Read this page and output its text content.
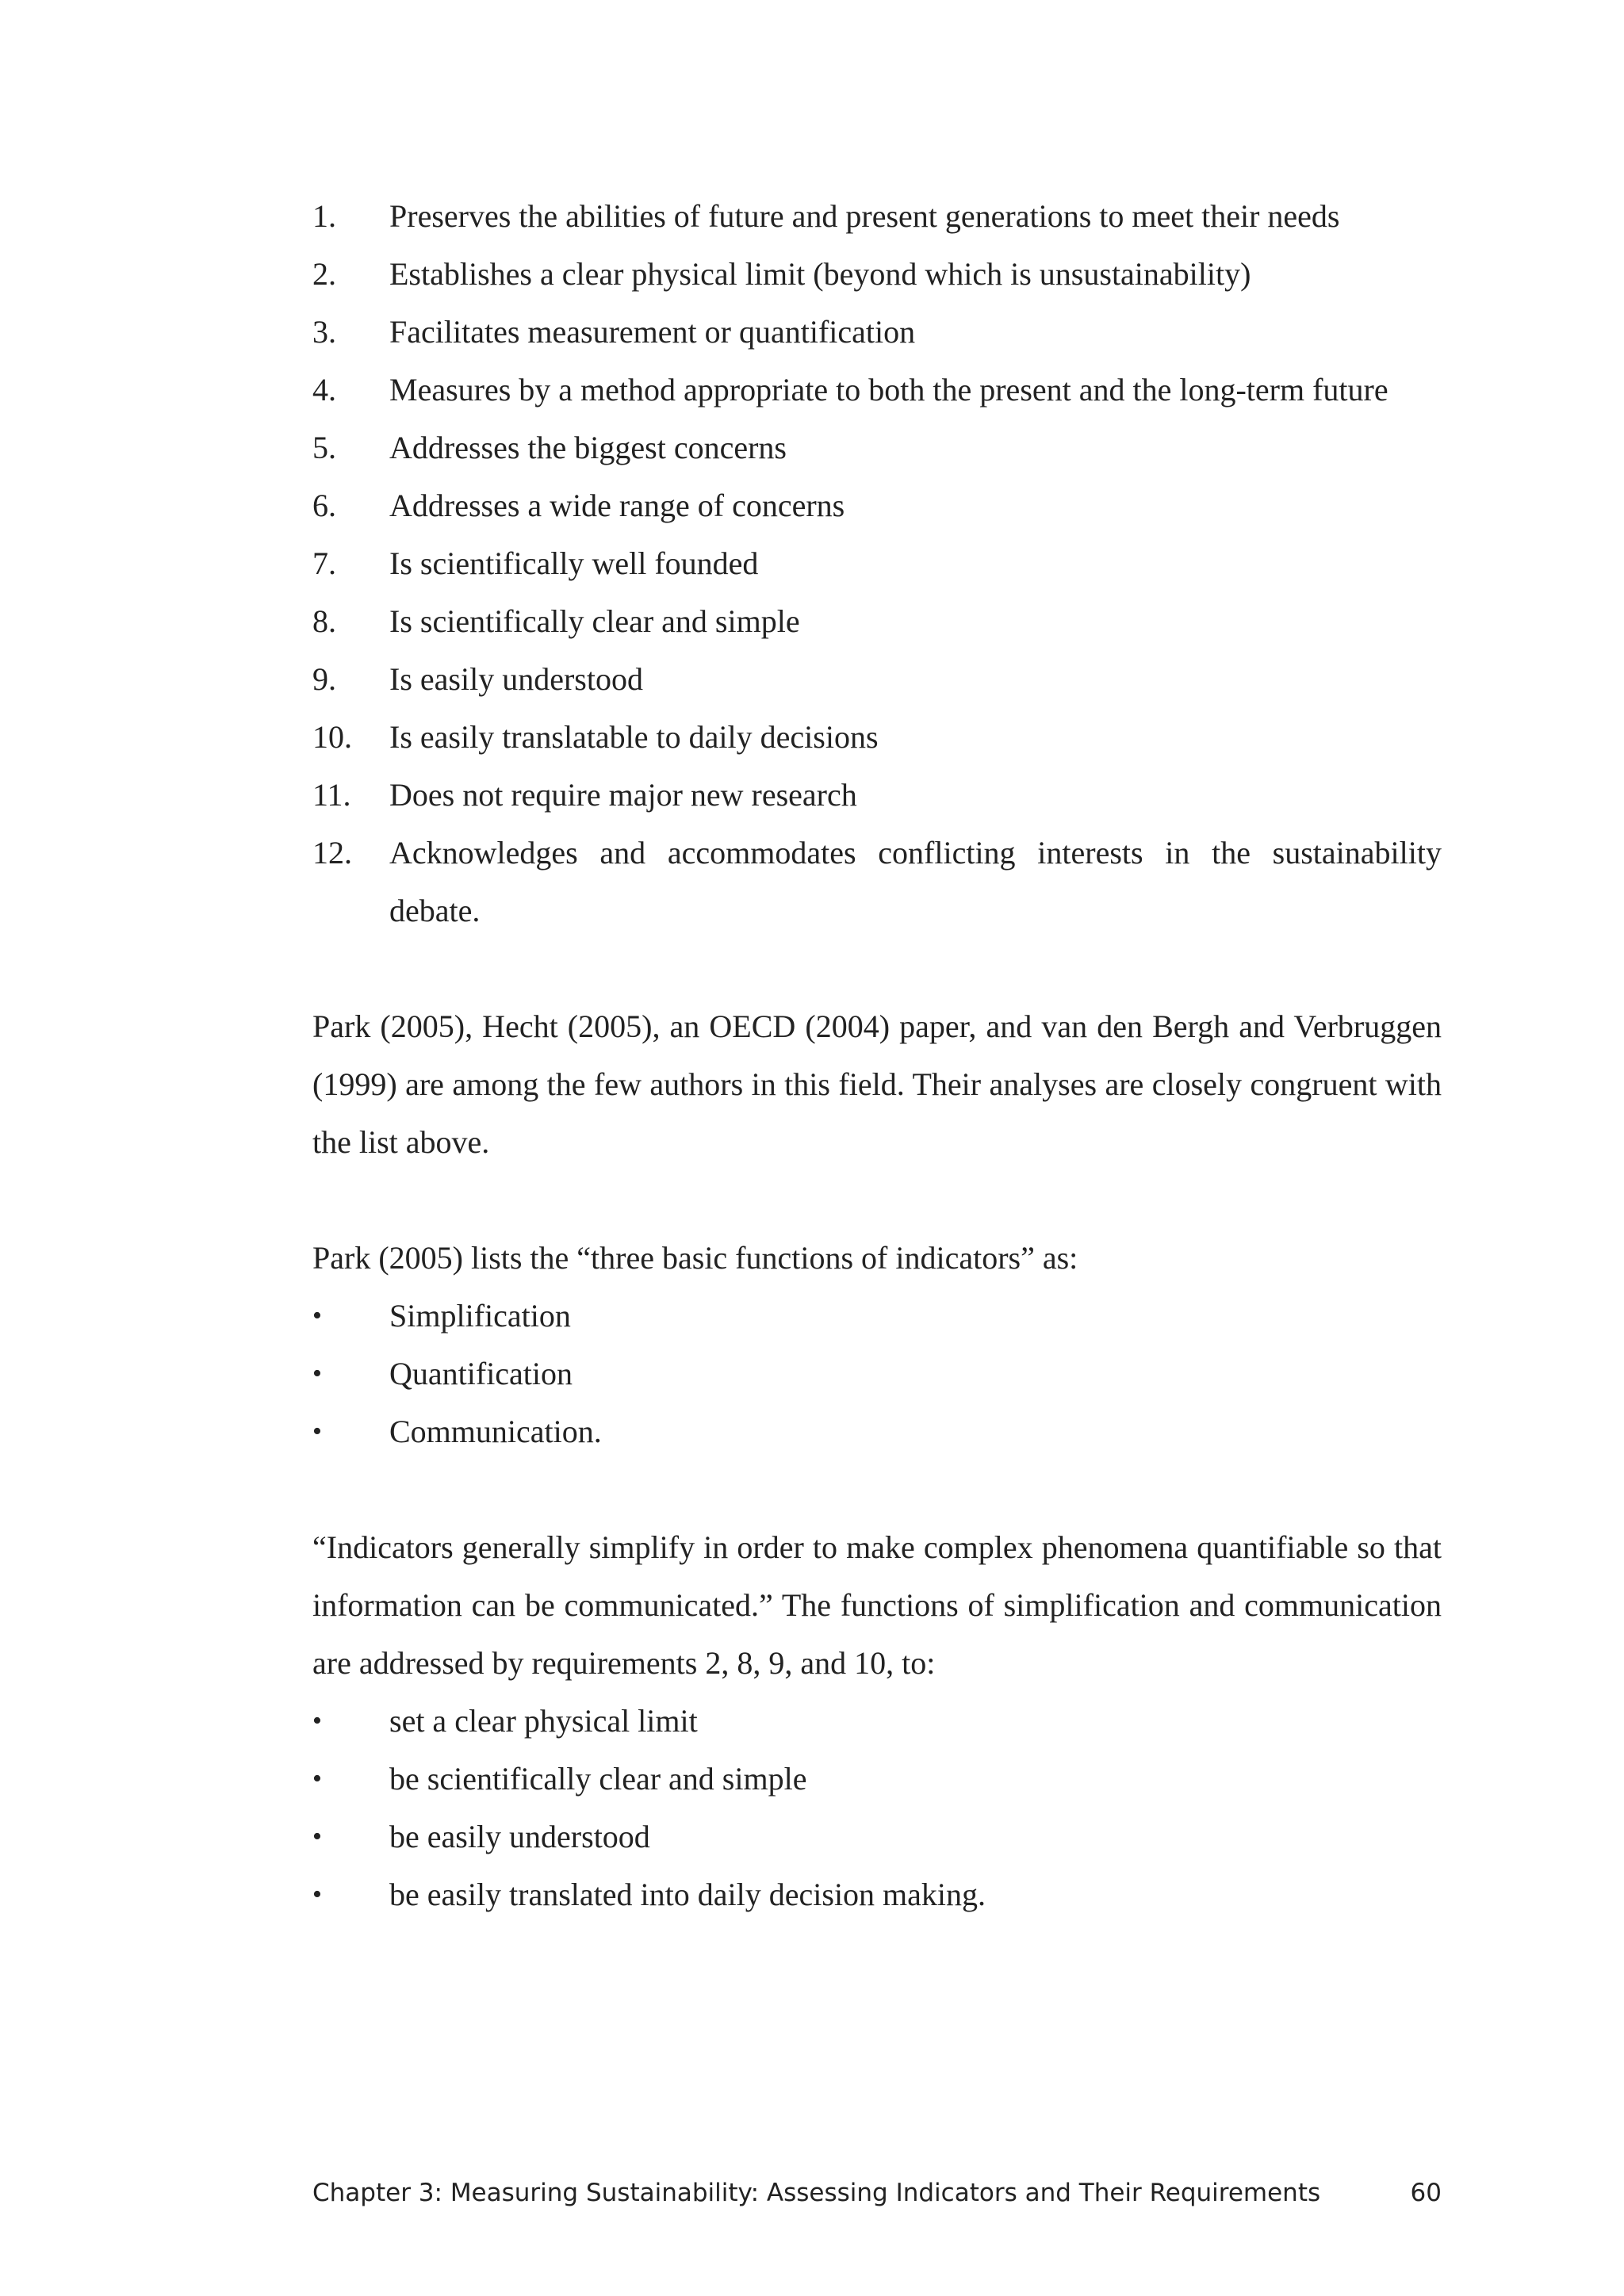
1.	Preserves the abilities of future and present generations to meet their needs
2.	Establishes a clear physical limit (beyond which is unsustainability)
3.	Facilitates measurement or quantification
4.	Measures by a method appropriate to both the present and the long-term future
5.	Addresses the biggest concerns
6.	Addresses a wide range of concerns
7.	Is scientifically well founded
8.	Is scientifically clear and simple
9.	Is easily understood
10.	Is easily translatable to daily decisions
11.	Does not require major new research
12.	Acknowledges and accommodates conflicting interests in the sustainability debate.

Park (2005), Hecht (2005), an OECD (2004) paper, and van den Bergh and Verbruggen (1999) are among the few authors in this field. Their analyses are closely congruent with the list above.

Park (2005) lists the “three basic functions of indicators” as:

•	Simplification
•	Quantification
•	Communication.

“Indicators generally simplify in order to make complex phenomena quantifiable so that information can be communicated.” The functions of simplification and communication are addressed by requirements 2, 8, 9, and 10, to:

•	set a clear physical limit
•	be scientifically clear and simple
•	be easily understood
•	be easily translated into daily decision making.
Chapter 3: Measuring Sustainability: Assessing Indicators and Their Requirements	60
